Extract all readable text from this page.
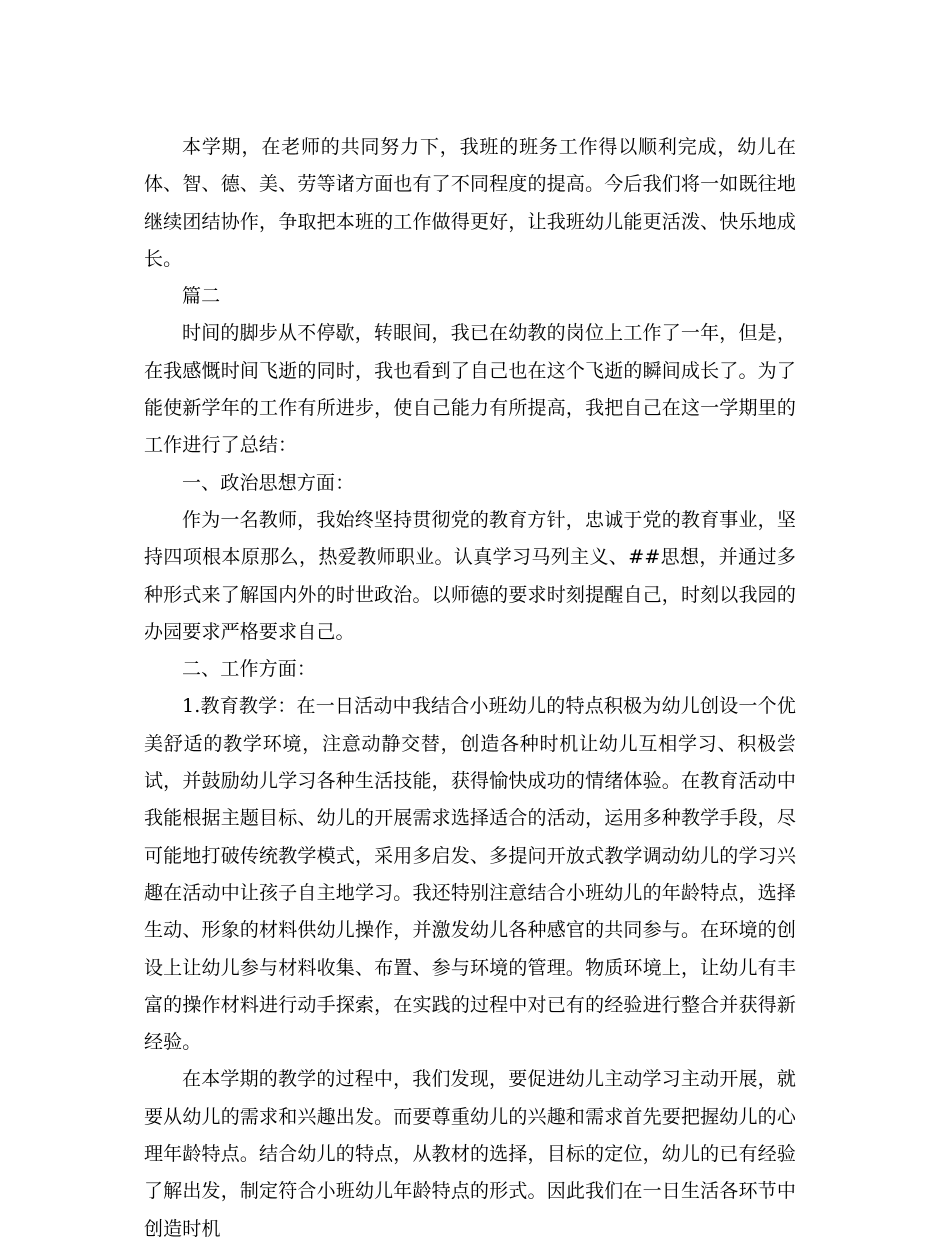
本学期，在老师的共同努力下，我班的班务工作得以顺利完成，幼儿在体、智、德、美、劳等诸方面也有了不同程度的提高。今后我们将一如既往地继续团结协作，争取把本班的工作做得更好，让我班幼儿能更活泼、快乐地成长。

篇二

时间的脚步从不停歇，转眼间，我已在幼教的岗位上工作了一年，但是，在我感慨时间飞逝的同时，我也看到了自己也在这个飞逝的瞬间成长了。为了能使新学年的工作有所进步，使自己能力有所提高，我把自己在这一学期里的工作进行了总结：

一、政治思想方面：

作为一名教师，我始终坚持贯彻党的教育方针，忠诚于党的教育事业，坚持四项根本原那么，热爱教师职业。认真学习马列主义、##思想，并通过多种形式来了解国内外的时世政治。以师德的要求时刻提醒自己，时刻以我园的办园要求严格要求自己。

二、工作方面：

1.教育教学：在一日活动中我结合小班幼儿的特点积极为幼儿创设一个优美舒适的教学环境，注意动静交替，创造各种时机让幼儿互相学习、积极尝试，并鼓励幼儿学习各种生活技能，获得愉快成功的情绪体验。在教育活动中我能根据主题目标、幼儿的开展需求选择适合的活动，运用多种教学手段，尽可能地打破传统教学模式，采用多启发、多提问开放式教学调动幼儿的学习兴趣在活动中让孩子自主地学习。我还特别注意结合小班幼儿的年龄特点，选择生动、形象的材料供幼儿操作，并激发幼儿各种感官的共同参与。在环境的创设上让幼儿参与材料收集、布置、参与环境的管理。物质环境上，让幼儿有丰富的操作材料进行动手探索，在实践的过程中对已有的经验进行整合并获得新经验。

在本学期的教学的过程中，我们发现，要促进幼儿主动学习主动开展，就要从幼儿的需求和兴趣出发。而要尊重幼儿的兴趣和需求首先要把握幼儿的心理年龄特点。结合幼儿的特点，从教材的选择，目标的定位，幼儿的已有经验了解出发，制定符合小班幼儿年龄特点的形式。因此我们在一日生活各环节中创造时机
